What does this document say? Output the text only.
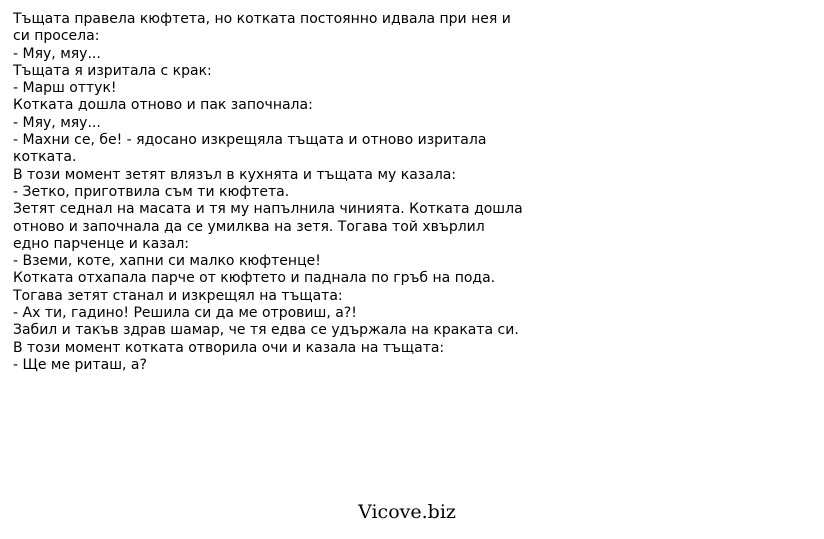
Тъщата правела кюфтета, но котката постоянно идвала при нея и
си просела:
- Мяу, мяу...
Тъщата я изритала с крак:
- Марш оттук!
Котката дошла отново и пак започнала:
- Мяу, мяу...
- Махни се, бе! - ядосано изкрещяла тъщата и отново изритала
котката.
В този момент зетят влязъл в кухнята и тъщата му казала:
- Зетко, приготвила съм ти кюфтета.
Зетят седнал на масата и тя му напълнила чинията. Котката дошла
отново и започнала да се умилква на зетя. Тогава той хвърлил
едно парченце и казал:
- Вземи, коте, хапни си малко кюфтенце!
Котката отхапала парче от кюфтето и паднала по гръб на пода.
Тогава зетят станал и изкрещял на тъщата:
- Ах ти, гадино! Решила си да ме отровиш, а?!
Забил и такъв здрав шамар, че тя едва се удържала на краката си.
В този момент котката отворила очи и казала на тъщата:
- Ще ме риташ, а?
Vicove.biz
